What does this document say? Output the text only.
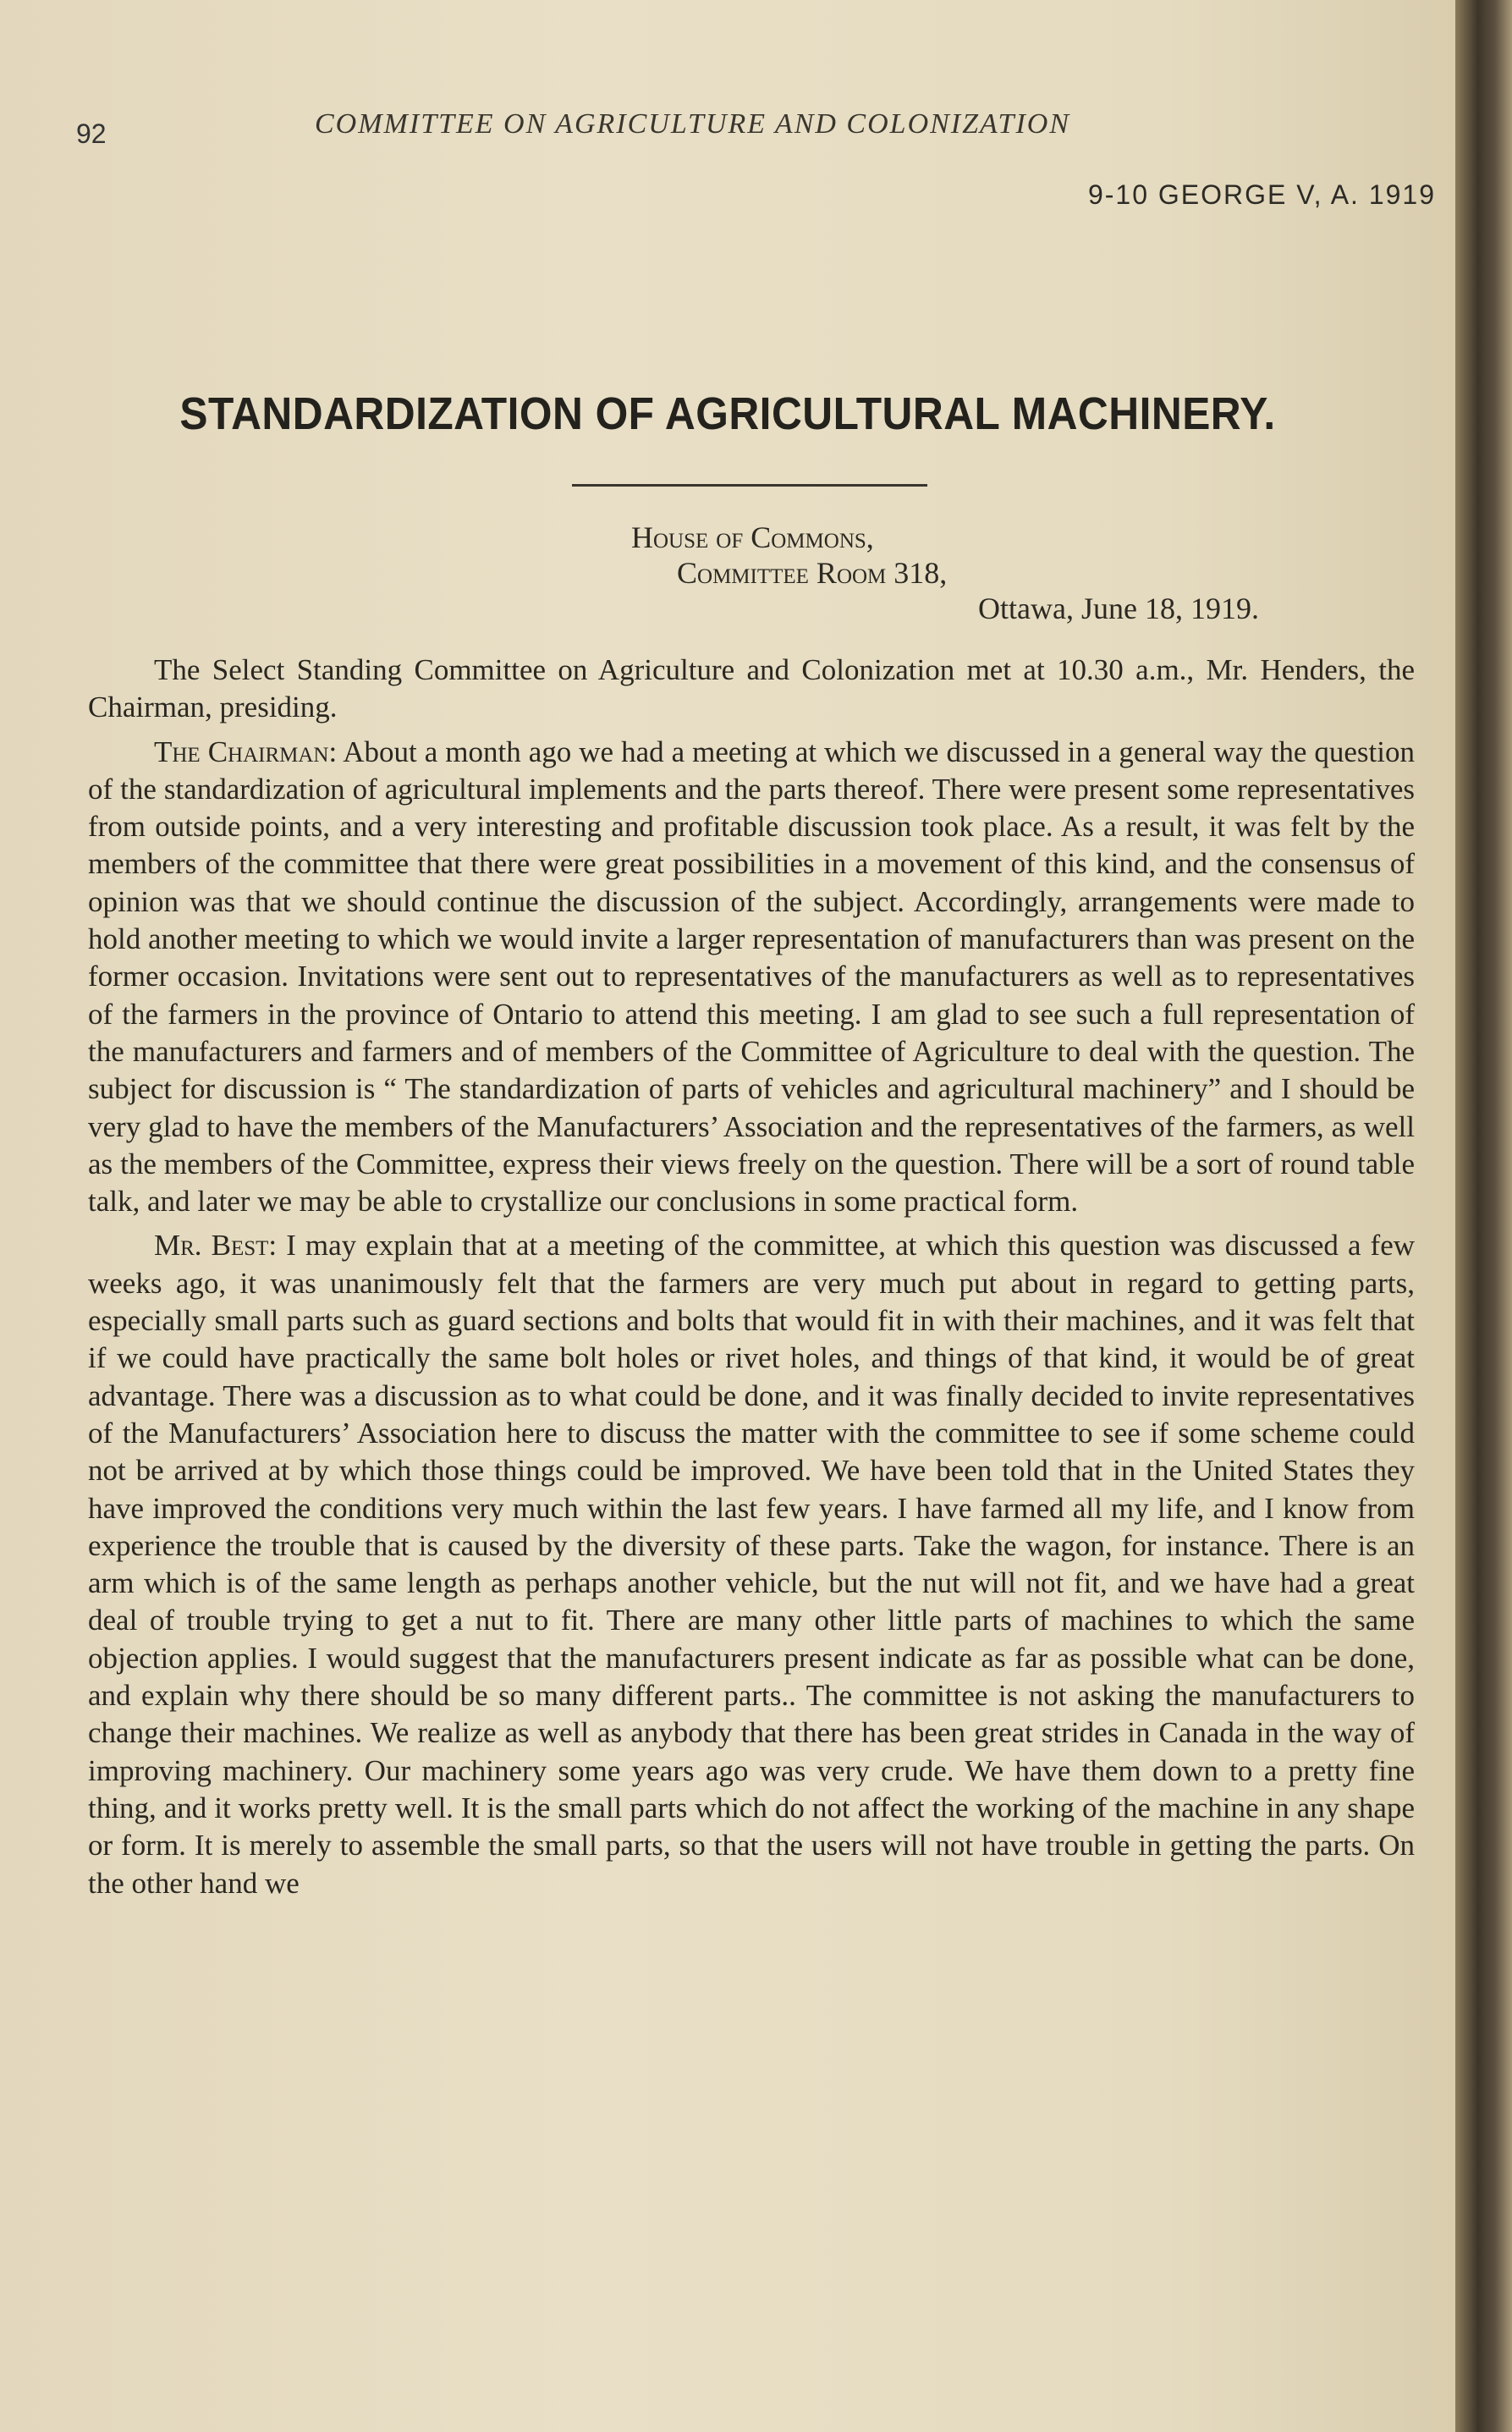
92	COMMITTEE ON AGRICULTURE AND COLONIZATION
9-10 GEORGE V, A. 1919
STANDARDIZATION OF AGRICULTURAL MACHINERY.
House of Commons,
Committee Room 318,
Ottawa, June 18, 1919.

The Select Standing Committee on Agriculture and Colonization met at 10.30 a.m., Mr. Henders, the Chairman, presiding.

The Chairman: About a month ago we had a meeting at which we discussed in a general way the question of the standardization of agricultural implements and the parts thereof. There were present some representatives from outside points, and a very interesting and profitable discussion took place. As a result, it was felt by the members of the committee that there were great possibilities in a movement of this kind, and the consensus of opinion was that we should continue the discussion of the subject. Accordingly, arrangements were made to hold another meeting to which we would invite a larger representation of manufacturers than was present on the former occasion. Invitations were sent out to representatives of the manufacturers as well as to representatives of the farmers in the province of Ontario to attend this meeting. I am glad to see such a full representation of the manufacturers and farmers and of members of the Committee of Agriculture to deal with the question. The subject for discussion is “ The standardization of parts of vehicles and agricultural machinery” and I should be very glad to have the members of the Manufacturers’ Association and the representatives of the farmers, as well as the members of the Committee, express their views freely on the question. There will be a sort of round table talk, and later we may be able to crystallize our conclusions in some practical form.

Mr. Best: I may explain that at a meeting of the committee, at which this question was discussed a few weeks ago, it was unanimously felt that the farmers are very much put about in regard to getting parts, especially small parts such as guard sections and bolts that would fit in with their machines, and it was felt that if we could have practically the same bolt holes or rivet holes, and things of that kind, it would be of great advantage. There was a discussion as to what could be done, and it was finally decided to invite representatives of the Manufacturers’ Association here to discuss the matter with the committee to see if some scheme could not be arrived at by which those things could be improved. We have been told that in the United States they have improved the conditions very much within the last few years. I have farmed all my life, and I know from experience the trouble that is caused by the diversity of these parts. Take the wagon, for instance. There is an arm which is of the same length as perhaps another vehicle, but the nut will not fit, and we have had a great deal of trouble trying to get a nut to fit. There are many other little parts of machines to which the same objection applies. I would suggest that the manufacturers present indicate as far as possible what can be done, and explain why there should be so many different parts.. The committee is not asking the manufacturers to change their machines. We realize as well as anybody that there has been great strides in Canada in the way of improving machinery. Our machinery some years ago was very crude. We have them down to a pretty fine thing, and it works pretty well. It is the small parts which do not affect the working of the machine in any shape or form. It is merely to assemble the small parts, so that the users will not have trouble in getting the parts. On the other hand we
